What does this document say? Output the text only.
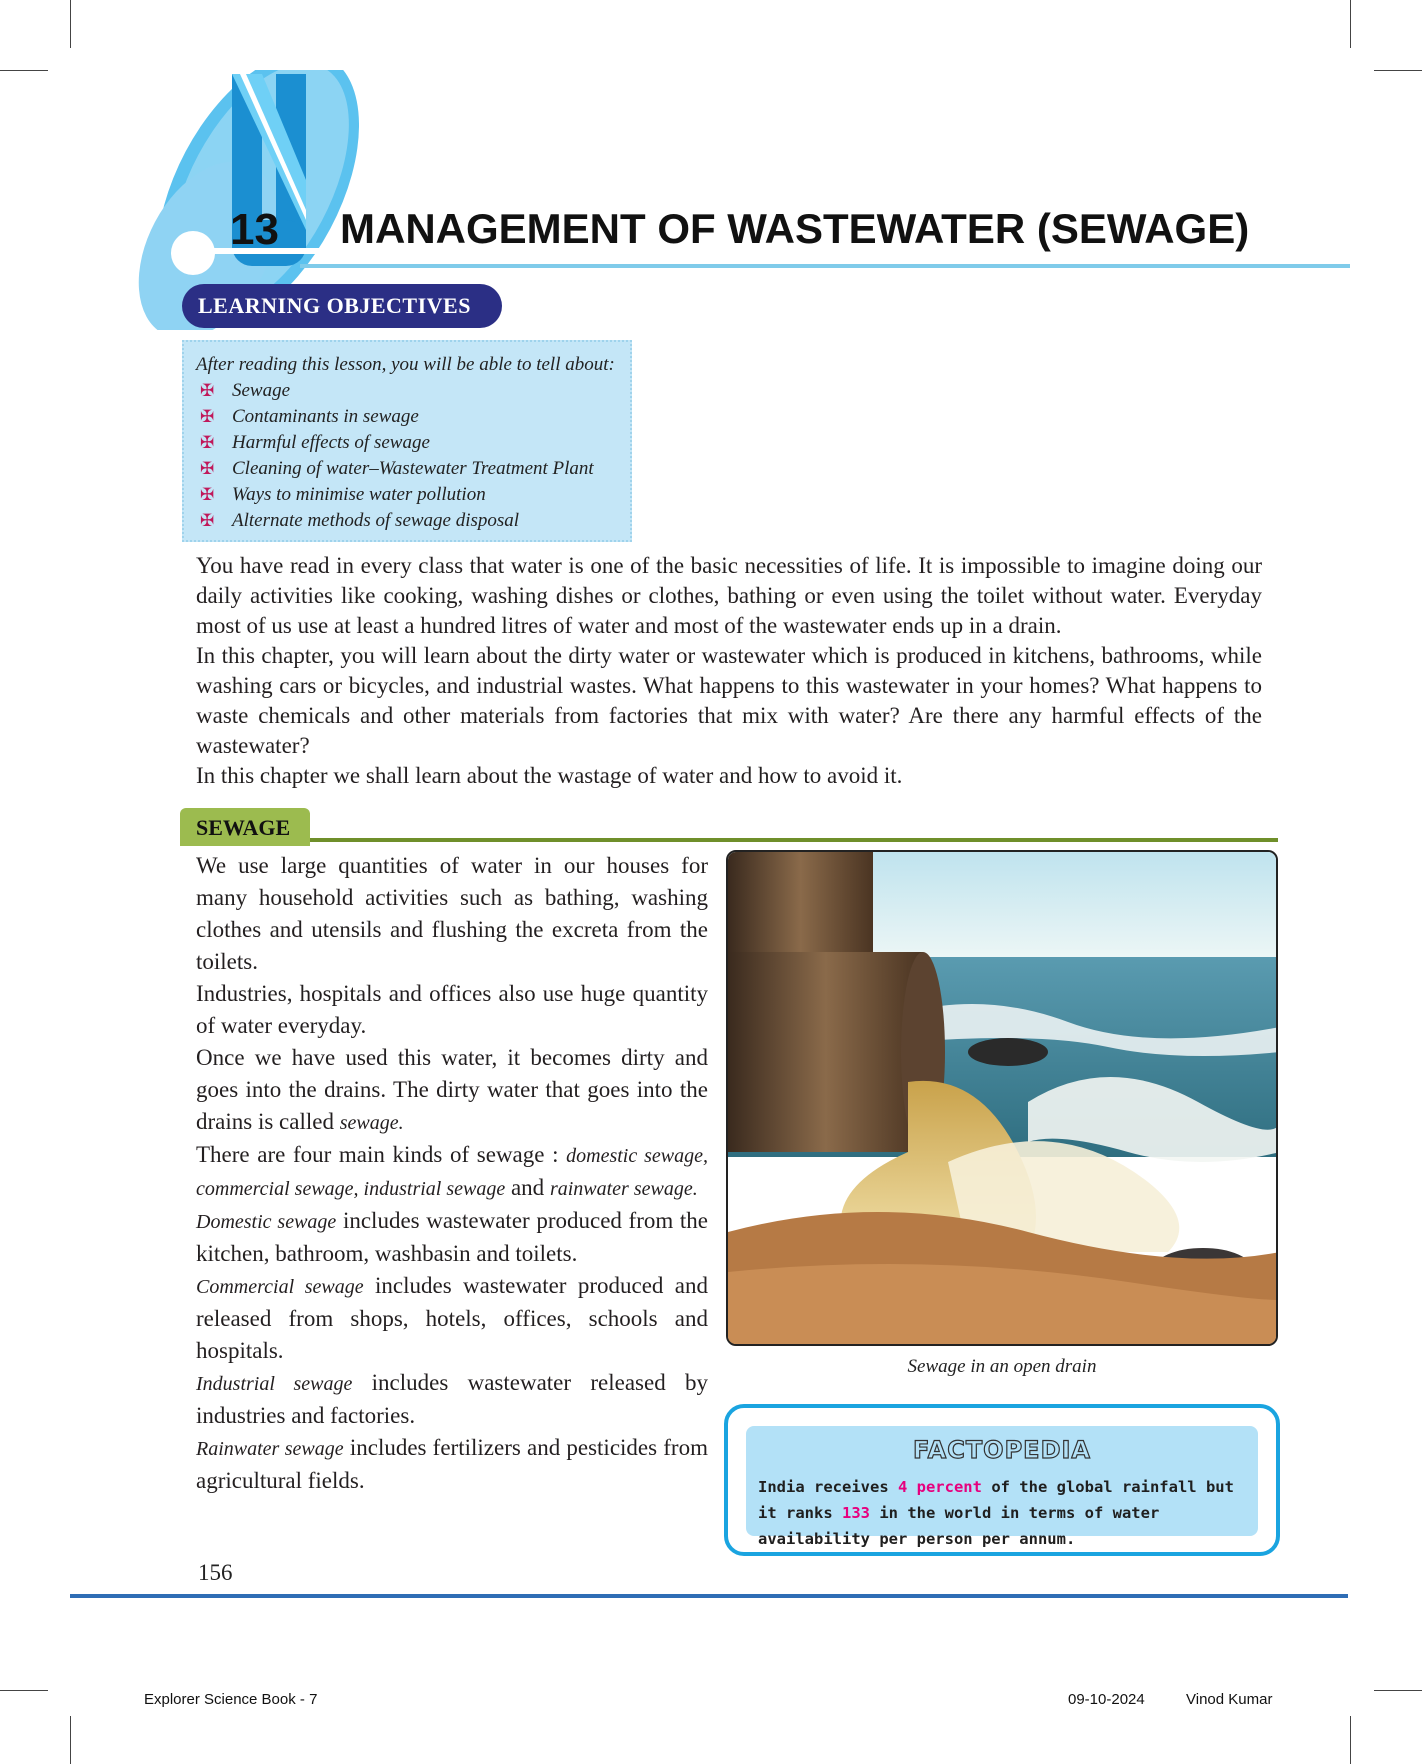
13 MANAGEMENT OF WASTEWATER (SEWAGE)
LEARNING OBJECTIVES
After reading this lesson, you will be able to tell about:
✠ Sewage
✠ Contaminants in sewage
✠ Harmful effects of sewage
✠ Cleaning of water–Wastewater Treatment Plant
✠ Ways to minimise water pollution
✠ Alternate methods of sewage disposal

You have read in every class that water is one of the basic necessities of life. It is impossible to imagine doing our daily activities like cooking, washing dishes or clothes, bathing or even using the toilet without water. Everyday most of us use at least a hundred litres of water and most of the wastewater ends up in a drain.

In this chapter, you will learn about the dirty water or wastewater which is produced in kitchens, bathrooms, while washing cars or bicycles, and industrial wastes. What happens to this wastewater in your homes? What happens to waste chemicals and other materials from factories that mix with water? Are there any harmful effects of the wastewater?

In this chapter we shall learn about the wastage of water and how to avoid it.

SEWAGE

We use large quantities of water in our houses for many household activities such as bathing, washing clothes and utensils and flushing the excreta from the toilets.

Industries, hospitals and offices also use huge quantity of water everyday.

Once we have used this water, it becomes dirty and goes into the drains. The dirty water that goes into the drains is called sewage.

There are four main kinds of sewage : domestic sewage, commercial sewage, industrial sewage and rainwater sewage.

Domestic sewage includes wastewater produced from the kitchen, bathroom, washbasin and toilets.

Commercial sewage includes wastewater produced and released from shops, hotels, offices, schools and hospitals.

Industrial sewage includes wastewater released by industries and factories.

Rainwater sewage includes fertilizers and pesticides from agricultural fields.

Sewage in an open drain
FACTOPEDIA
India receives 4 percent of the global rainfall but it ranks 133 in the world in terms of water availability per person per annum.
156
Explorer Science Book - 7	09-10-2024	Vinod Kumar
